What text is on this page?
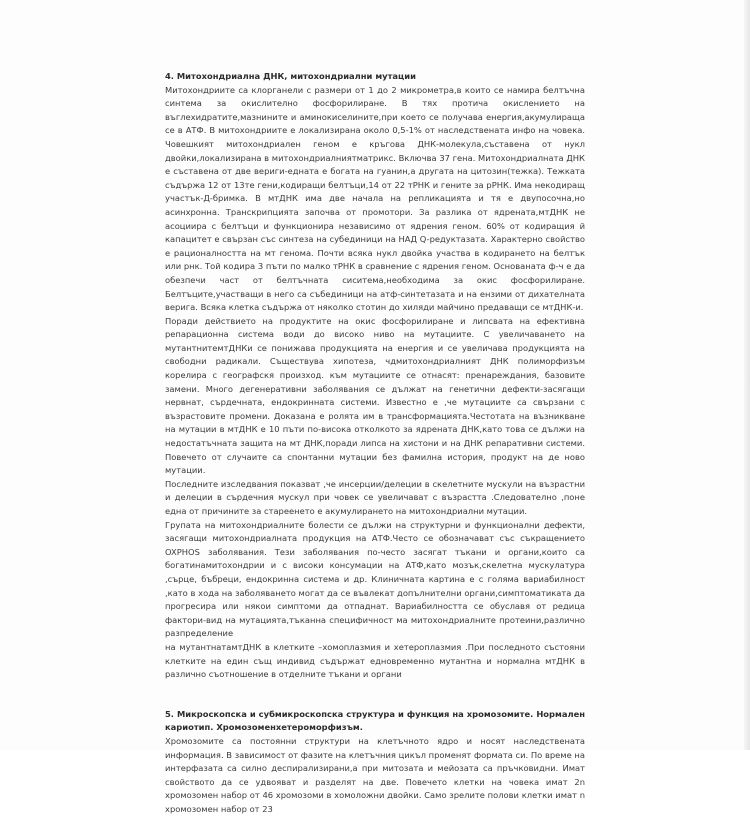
4. Митохондриална ДНК, митохондриални мутации

Митохондриите са клорганели с размери от 1 до 2 микрометра,в които се намира белтъчна синтема за окислително фосфорилиране. В тях протича окислението на въглехидратите,мазнините и аминокиселините,при което се получава енергия,акумулираща се в АТФ. В митохондриите е локализирана около 0,5-1% от наследствената инфо на човека. Човешкият митохондриален геном е кръгова ДНК-молекула,съставена от нукл двойки,локализирана в митохондриалниятматрикс. Включва 37 гена. Митохондриалната ДНК е съставена от две вериги-едната е богата на гуанин,а другата на цитозин(тежка). Тежката съдържа 12 от 13те гени,кодиращи белтъци,14 от 22 тРНК и гените за рРНК. Има некодиращ участък-Д-бримка. В мтДНК има две начала на репликацията и тя е двупосочна,но асинхронна. Транскрипцията започва от промотори. За разлика от ядрената,мтДНК не асоциира с белтъци и функционира независимо от ядрения геном. 60% от кодиращия й капацитет е свързан със синтеза на субединици на НАД Q-редуктазата. Характерно свойство е рационалността на мт генома. Почти всяка нукл двойка участва в кодирането на белтък или рнк. Той кодира 3 пъти по малко тРНК в сравнение с ядрения геном. Основаната ф-ч е да обезпечи част от белтъчната сиситема,необходима за окис фосфорилиране. Белтъците,участващи в него са събединици на атф-синтетазата и на ензими от дихателната верига. Всяка клетка съдържа от няколко стотин до хиляди майчино предаващи се мтДНК-и.

Поради действието на продуктите на окис фосфорилиране и липсвата на ефективна репарационна система води до високо ниво на мутациите. С увеличаването на мутантнитемтДНКи се понижава продукцията на енергия и се увеличава продукцията на свободни радикали. Съществува хипотеза, чдмитохондриалният ДНК полиморфизъм корелира с географскя произход. към мутациите се отнасят: пренареждания, базовите замени. Много дегенеративни заболявания се дължат на генетични дефекти-засягащи нервнат, сърдечната, ендокринната системи. Известно е ,че мутациите са свързани с възрастовите промени. Доказана е ролята им в трансформацията.Честотата на възникване на мутации в мтДНК е 10 пъти по-висока отколкото за ядрената ДНК,като това се дължи на недостатъчната защита на мт ДНК,поради липса на хистони и на ДНК репаративни системи. Повечето от случаите са спонтанни мутации без фамилна история, продукт на де ново мутации.

Последните изследвания показват ,че инсерции/делеции в скелетните мускули на възрастни и делеции в сърдечния мускул при човек се увеличават с възрастта .Следователно ,поне една от причините за стареенето е акумулирането на митохондриални мутации.

Групата на митохондриалните болести се дължи на структурни и функционални дефекти, засягащи митохондриалната продукция на АТФ.Често се обозначават със съкращението OXPHOS заболявания. Тези заболявания по-често засягат тъкани и органи,които са богатинамитохондрии и с високи консумации на АТФ,като мозък,скелетна мускулатура ,сърце, бъбреци, ендокринна система и др. Клиничната картина е с голяма вариабилност ,като в хода на заболяването могат да се въвлекат допълнителни органи,симптоматиката да прогресира или някои симптоми да отпаднат. Вариабилността се обуславя от редица фактори-вид на мутацията,тъканна специфичност ма митохондриалните протеини,различно разпределение

на мутантнатамтДНК в клетките –хомоплазмия и хетероплазмия .При последното състояни клетките на един същ индивид съдържат едновременно мутантна и нормална мтДНК в различно съотношение в отделните тъкани и органи

5. Микроскопска и субмикроскопска структура и функция на хромозомите. Нормален кариотип. Хромозоменхетероморфизъм.

Хромозомите са постоянни структури на клетъчното ядро и носят наследствената информация. В зависимост от фазите на клетъчния цикъл променят формата си. По време на интерфазата са силно деспирализирани,а при митозата и мейозата са пръчковидни. Имат свойството да се удвояват и разделят на две. Повечето клетки на човека имат 2n хромозомен набор от 46 хромозоми в хомоложни двойки. Само зрелите полови клетки имат n хромозомен набор от 23
